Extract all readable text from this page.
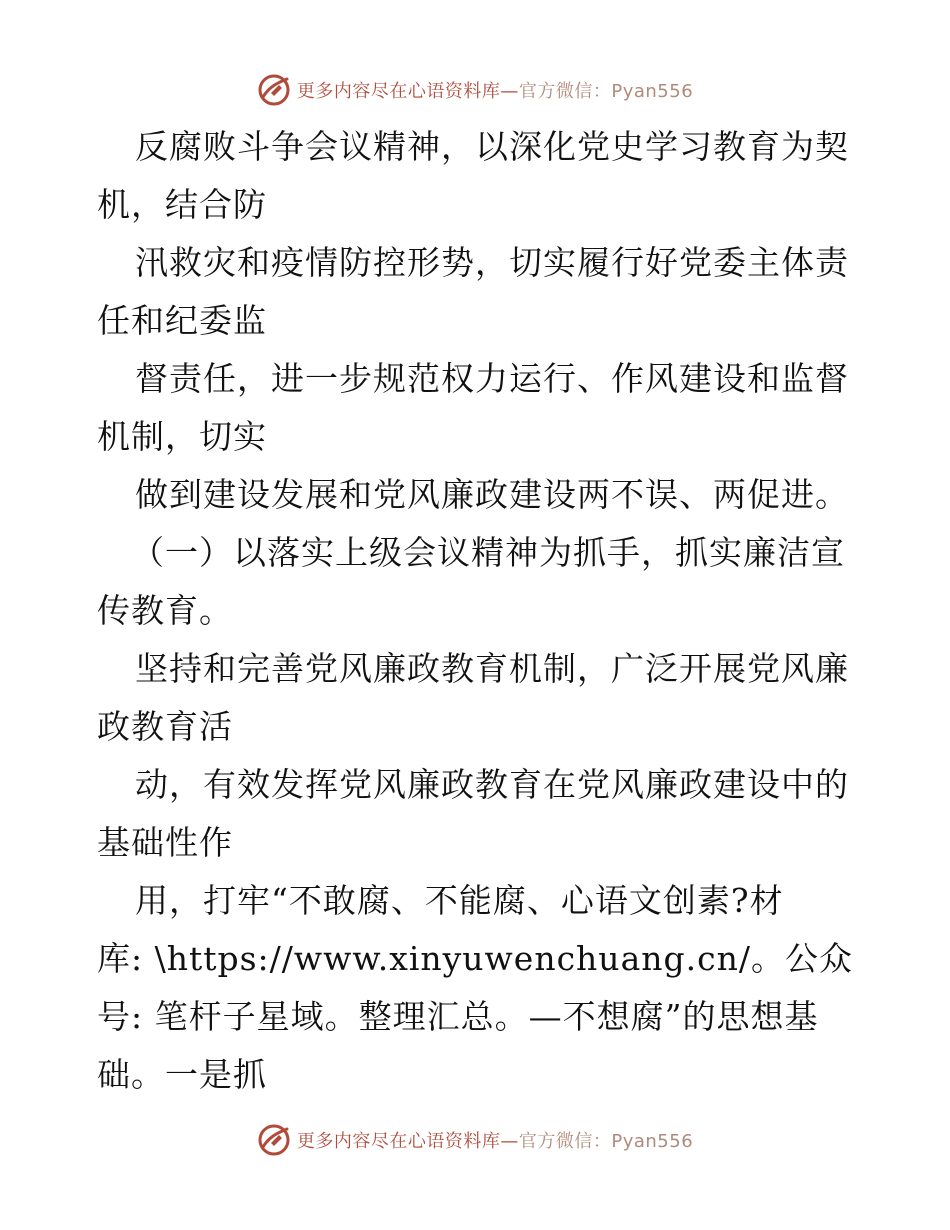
更多内容尽在心语资料库—官方微信：Pyan556
反腐败斗争会议精神，以深化党史学习教育为契
机，结合防
汛救灾和疫情防控形势，切实履行好党委主体责
任和纪委监
督责任，进一步规范权力运行、作风建设和监督
机制，切实
做到建设发展和党风廉政建设两不误、两促进。
（一）以落实上级会议精神为抓手，抓实廉洁宣
传教育。
坚持和完善党风廉政教育机制，广泛开展党风廉
政教育活
动，有效发挥党风廉政教育在党风廉政建设中的
基础性作
用，打牢“不敢腐、不能腐、心语文创素?材
库: \https://www.xinyuwenchuang.cn/。公众
号: 笔杆子星域。整理汇总。—不想腐”的思想基
础。一是抓
更多内容尽在心语资料库—官方微信：Pyan556
